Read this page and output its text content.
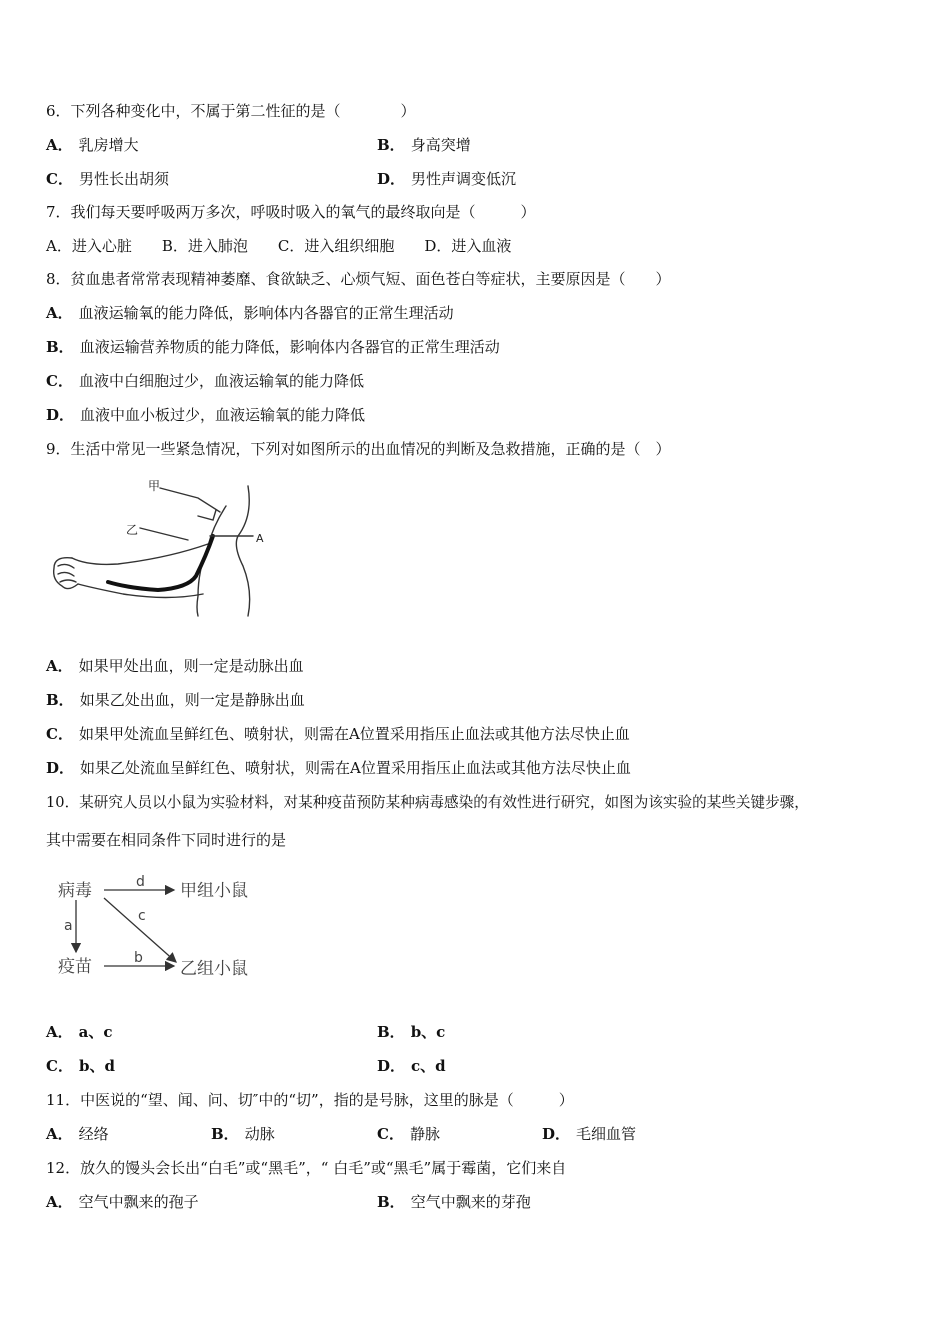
6．下列各种变化中，不属于第二性征的是（　　　　）
A． 乳房增大	B． 身高突增
C． 男性长出胡须	D． 男性声调变低沉
7．我们每天要呼吸两万多次，呼吸时吸入的氧气的最终取向是（　　　）
A．进入心脏　　B．进入肺泡　　C．进入组织细胞　　D．进入血液
8．贫血患者常常表现精神萎靡、食欲缺乏、心烦气短、面色苍白等症状，主要原因是（　　）
A． 血液运输氧的能力降低，影响体内各器官的正常生理活动
B． 血液运输营养物质的能力降低，影响体内各器官的正常生理活动
C． 血液中白细胞过少，血液运输氧的能力降低
D． 血液中血小板过少，血液运输氧的能力降低
9．生活中常见一些紧急情况，下列对如图所示的出血情况的判断及急救措施，正确的是（　）
甲
乙
A
A． 如果甲处出血，则一定是动脉出血
B． 如果乙处出血，则一定是静脉出血
C． 如果甲处流血呈鲜红色、喷射状，则需在A位置采用指压止血法或其他方法尽快止血
D． 如果乙处流血呈鲜红色、喷射状，则需在A位置采用指压止血法或其他方法尽快止血
10．某研究人员以小鼠为实验材料，对某种疫苗预防某种病毒感染的有效性进行研究，如图为该实验的某些关键步骤，
其中需要在相同条件下同时进行的是
病毒
疫苗
甲组小鼠
乙组小鼠
a
b
c
d
A． a、c	B． b、c
C． b、d	D． c、d
11．中医说的“望、闻、问、切″中的“切”，指的是号脉，这里的脉是（　　　）
A． 经络	B． 动脉	C． 静脉	D． 毛细血管
12．放久的馒头会长出“白毛”或“黑毛”，“ 白毛”或“黑毛”属于霉菌，它们来自
A． 空气中飘来的孢子	B． 空气中飘来的芽孢
